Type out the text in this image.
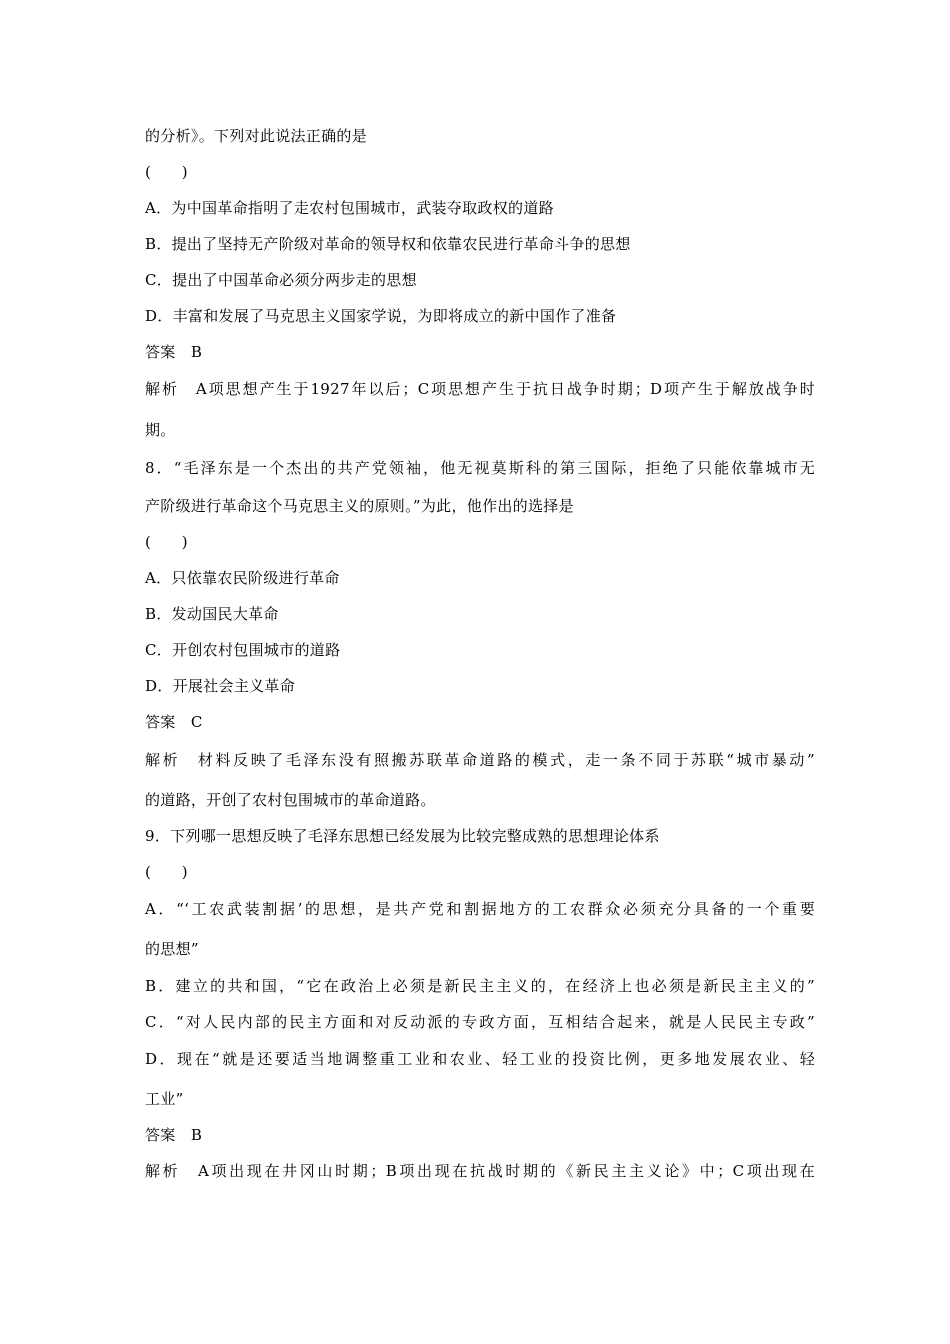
的分析》。下列对此说法正确的是
(　　)
A．为中国革命指明了走农村包围城市，武装夺取政权的道路
B．提出了坚持无产阶级对革命的领导权和依靠农民进行革命斗争的思想
C．提出了中国革命必须分两步走的思想
D．丰富和发展了马克思主义国家学说，为即将成立的新中国作了准备
答案　B
解析　A项思想产生于1927年以后；C项思想产生于抗日战争时期；D项产生于解放战争时
期。
8．“毛泽东是一个杰出的共产党领袖，他无视莫斯科的第三国际，拒绝了只能依靠城市无
产阶级进行革命这个马克思主义的原则。”为此，他作出的选择是
(　　)
A．只依靠农民阶级进行革命
B．发动国民大革命
C．开创农村包围城市的道路
D．开展社会主义革命
答案　C
解析　材料反映了毛泽东没有照搬苏联革命道路的模式，走一条不同于苏联“城市暴动”
的道路，开创了农村包围城市的革命道路。
9．下列哪一思想反映了毛泽东思想已经发展为比较完整成熟的思想理论体系
(　　)
A．“‘工农武装割据’的思想，是共产党和割据地方的工农群众必须充分具备的一个重要
的思想”
B．建立的共和国，“它在政治上必须是新民主主义的，在经济上也必须是新民主主义的”
C．“对人民内部的民主方面和对反动派的专政方面，互相结合起来，就是人民民主专政”
D．现在“就是还要适当地调整重工业和农业、轻工业的投资比例，更多地发展农业、轻
工业”
答案　B
解析　A项出现在井冈山时期；B项出现在抗战时期的《新民主主义论》中；C项出现在
